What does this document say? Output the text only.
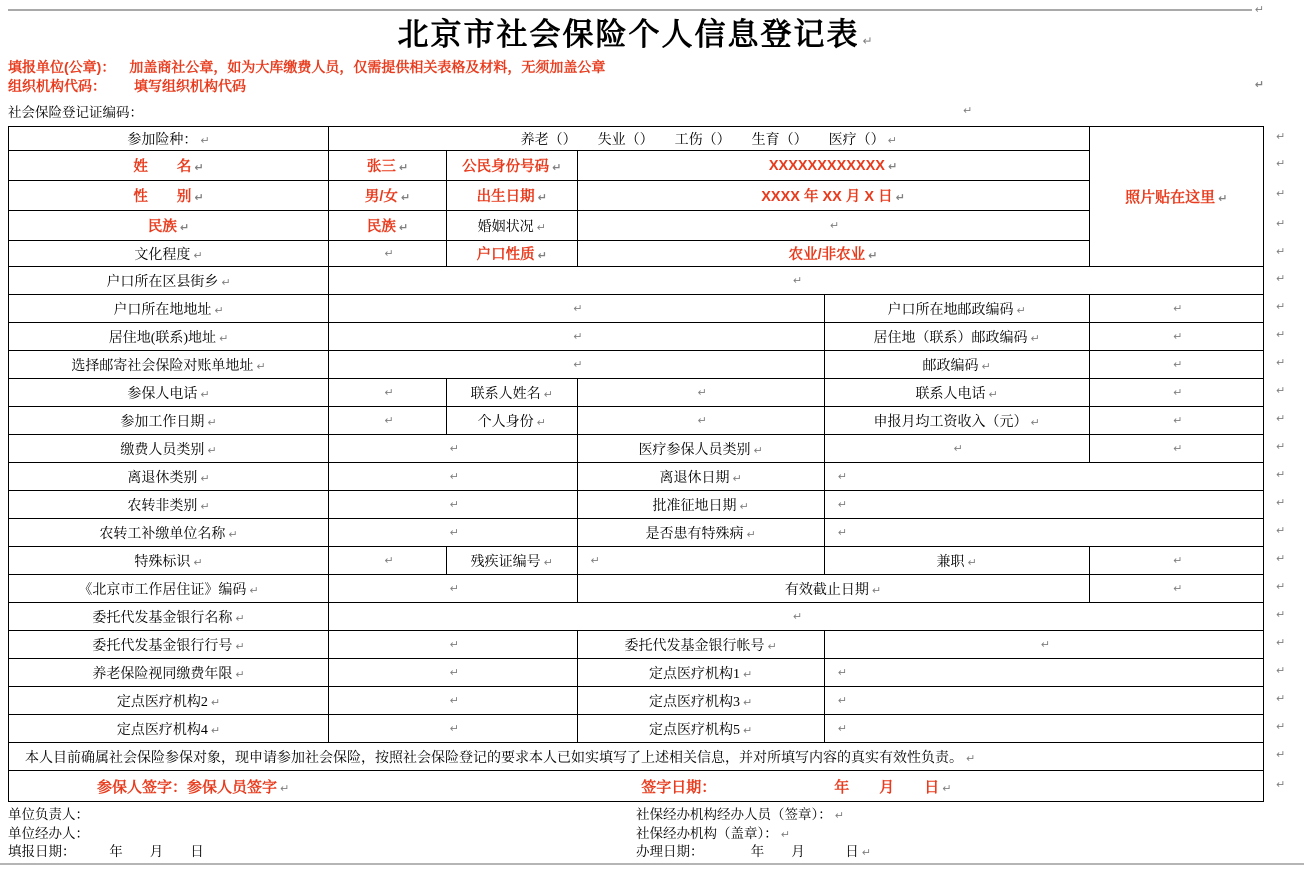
↵
北京市社会保险个人信息登记表 ↵
填报单位(公章)： 加盖商社公章，如为大库缴费人员，仅需提供相关表格及材料，无须加盖公章
组织机构代码： 填写组织机构代码	↵
社会保险登记证编码：	↵
参加险种： ↵	养老（）　　失业（）　　工伤（）　　生育（）　　医疗（） ↵				照片贴在这里 ↵
姓　　名 ↵	张三 ↵	公民身份号码 ↵	XXXXXXXXXXXX ↵		
性　　别 ↵	男/女 ↵	出生日期 ↵	XXXX 年 XX 月 X 日 ↵		
民族 ↵	民族 ↵	婚姻状况 ↵	↵		
文化程度 ↵	↵	户口性质 ↵	农业/非农业 ↵		
户口所在区县街乡 ↵	↵				
户口所在地地址 ↵	↵			户口所在地邮政编码 ↵	↵
居住地(联系)地址 ↵	↵			居住地（联系）邮政编码 ↵	↵
选择邮寄社会保险对账单地址 ↵	↵			邮政编码 ↵	↵
参保人电话 ↵	↵	联系人姓名 ↵	↵	联系人电话 ↵	↵
参加工作日期 ↵	↵	个人身份 ↵	↵	申报月均工资收入（元） ↵	↵
缴费人员类别 ↵	↵		医疗参保人员类别 ↵	↵	↵
离退休类别 ↵	↵		离退休日期 ↵	↵	
农转非类别 ↵	↵		批准征地日期 ↵	↵	
农转工补缴单位名称 ↵	↵		是否患有特殊病 ↵	↵	
特殊标识 ↵	↵	残疾证编号 ↵	↵	兼职 ↵	↵
《北京市工作居住证》编码 ↵	↵		有效截止日期 ↵		↵
委托代发基金银行名称 ↵	↵				
委托代发基金银行行号 ↵	↵		委托代发基金银行帐号 ↵	↵	
养老保险视同缴费年限 ↵	↵		定点医疗机构1 ↵	↵	
定点医疗机构2 ↵	↵		定点医疗机构3 ↵	↵	
定点医疗机构4 ↵	↵		定点医疗机构5 ↵	↵	
本人目前确属社会保险参保对象，现申请参加社会保险，按照社会保险登记的要求本人已如实填写了上述相关信息，并对所填写内容的真实有效性负责。 ↵					
参保人签字：参保人员签字 ↵ 签字日期： 年　　月　　日 ↵					
↵
↵
↵
↵
↵
↵
↵
↵
↵
↵
↵
↵
↵
↵
↵
↵
↵
↵
↵
↵
↵
↵
↵
↵
单位负责人：
单位经办人：
填报日期：　　　年　　月　　日
社保经办机构经办人员（签章）： ↵
社保经办机构（盖章）： ↵
办理日期：　　　　年　　月　　　日 ↵
